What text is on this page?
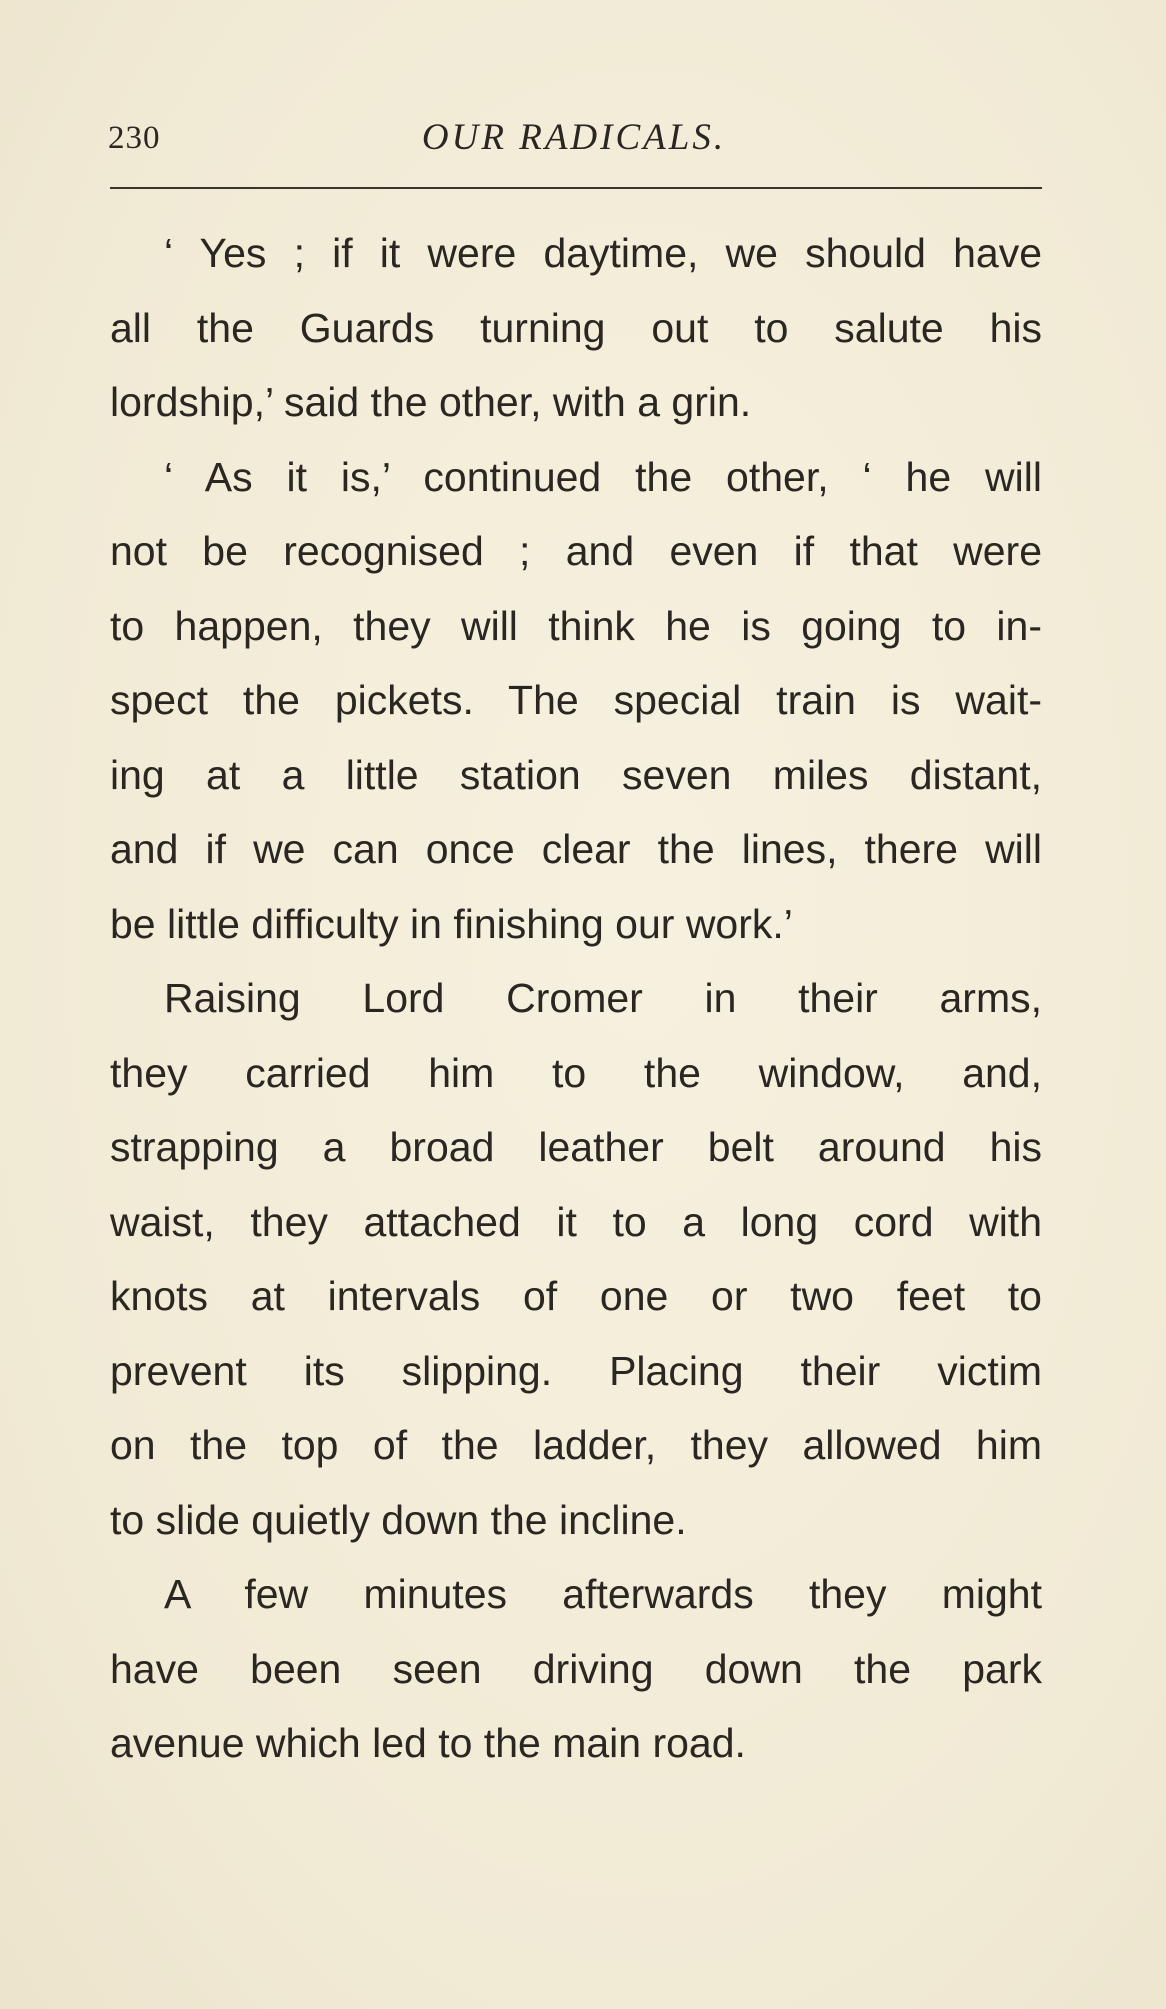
230	OUR RADICALS.
‘ Yes ; if it were daytime, we should have
all the Guards turning out to salute his
lordship,’ said the other, with a grin.
‘ As it is,’ continued the other, ‘ he will
not be recognised ; and even if that were
to happen, they will think he is going to in-
spect the pickets. The special train is wait-
ing at a little station seven miles distant,
and if we can once clear the lines, there will
be little difficulty in finishing our work.’
Raising Lord Cromer in their arms,
they carried him to the window, and,
strapping a broad leather belt around his
waist, they attached it to a long cord with
knots at intervals of one or two feet to
prevent its slipping. Placing their victim
on the top of the ladder, they allowed him
to slide quietly down the incline.
A few minutes afterwards they might
have been seen driving down the park
avenue which led to the main road.
